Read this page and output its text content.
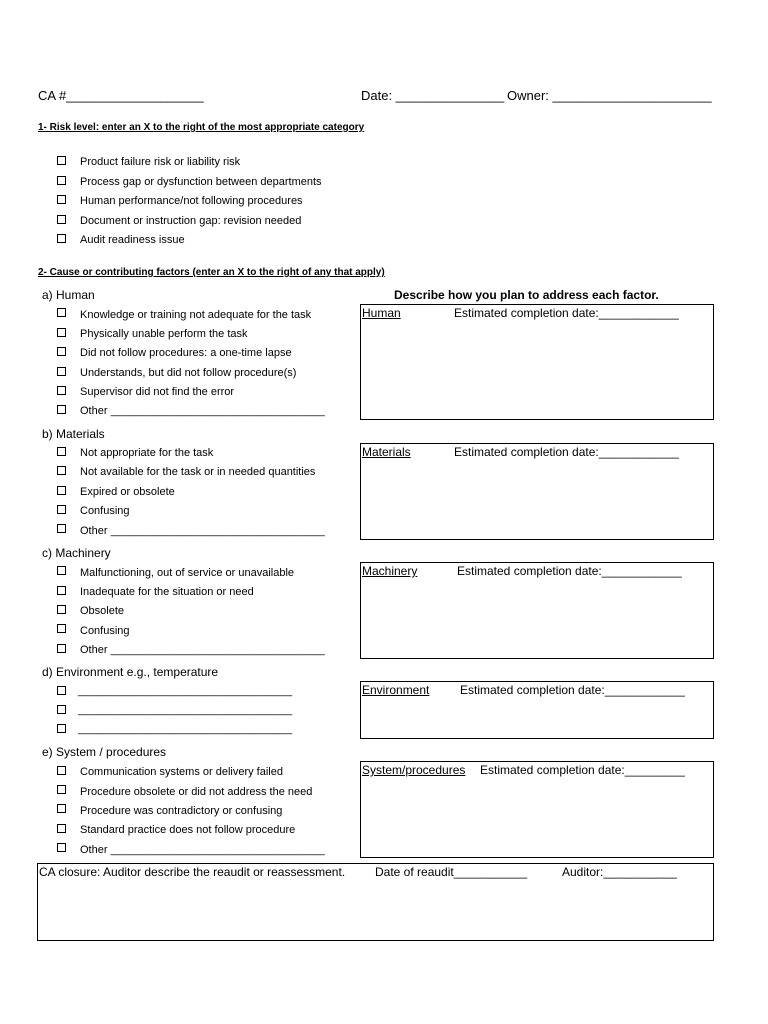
CA #___________________	Date: _______________ Owner: ______________________
1- Risk level: enter an X to the right of the most appropriate category
Product failure risk or liability risk
Process gap or dysfunction between departments
Human performance/not following procedures
Document or instruction gap: revision needed
Audit readiness issue
2- Cause or contributing factors (enter an X to the right of any that apply)
Describe how you plan to address each factor.
a) Human
Knowledge or training not adequate for the task
Physically unable perform the task
Did not follow procedures: a one-time lapse
Understands, but did not follow procedure(s)
Supervisor did not find the error
Other ___________________________________
Human	Estimated completion date:____________
b) Materials
Not appropriate for the task
Not available for the task or in needed quantities
Expired or obsolete
Confusing
Other ___________________________________
Materials	Estimated completion date:____________
c) Machinery
Malfunctioning, out of service or unavailable
Inadequate for the situation or need
Obsolete
Confusing
Other ___________________________________
Machinery	Estimated completion date:____________
d) Environment e.g., temperature
___________________________________
___________________________________
___________________________________
Environment	Estimated completion date:____________
e) System / procedures
Communication systems or delivery failed
Procedure obsolete or did not address the need
Procedure was contradictory or confusing
Standard practice does not follow procedure
Other ___________________________________
System/procedures Estimated completion date:_________
CA closure: Auditor describe the reaudit or reassessment. Date of reaudit___________	Auditor:___________
